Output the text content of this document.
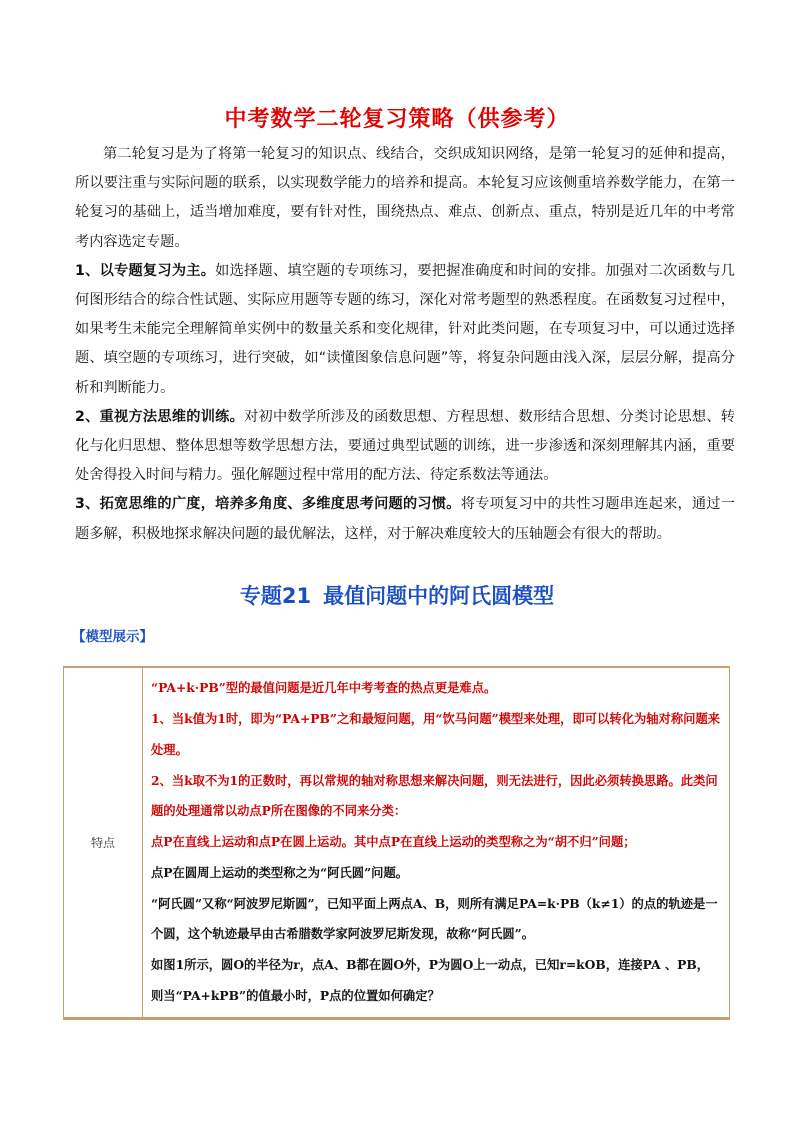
中考数学二轮复习策略（供参考）

第二轮复习是为了将第一轮复习的知识点、线结合，交织成知识网络，是第一轮复习的延伸和提高，所以要注重与实际问题的联系，以实现数学能力的培养和提高。本轮复习应该侧重培养数学能力，在第一轮复习的基础上，适当增加难度，要有针对性，围绕热点、难点、创新点、重点，特别是近几年的中考常考内容选定专题。

1、以专题复习为主。如选择题、填空题的专项练习，要把握准确度和时间的安排。加强对二次函数与几何图形结合的综合性试题、实际应用题等专题的练习，深化对常考题型的熟悉程度。在函数复习过程中，如果考生未能完全理解简单实例中的数量关系和变化规律，针对此类问题，在专项复习中，可以通过选择题、填空题的专项练习，进行突破，如“读懂图象信息问题”等，将复杂问题由浅入深，层层分解，提高分析和判断能力。

2、重视方法思维的训练。对初中数学所涉及的函数思想、方程思想、数形结合思想、分类讨论思想、转化与化归思想、整体思想等数学思想方法，要通过典型试题的训练，进一步渗透和深刻理解其内涵，重要处舍得投入时间与精力。强化解题过程中常用的配方法、待定系数法等通法。

3、拓宽思维的广度，培养多角度、多维度思考问题的习惯。将专项复习中的共性习题串连起来，通过一题多解，积极地探求解决问题的最优解法，这样，对于解决难度较大的压轴题会有很大的帮助。

专题21 最值问题中的阿氏圆模型
【模型展示】
特点	

“PA+k·PB”型的最值问题是近几年中考考查的热点更是难点。

1、当k值为1时，即为“PA+PB”之和最短问题，用“饮马问题”模型来处理，即可以转化为轴对称问题来处理。

2、当k取不为1的正数时，再以常规的轴对称思想来解决问题，则无法进行，因此必须转换思路。此类问题的处理通常以动点P所在图像的不同来分类：

点P在直线上运动和点P在圆上运动。其中点P在直线上运动的类型称之为“胡不归”问题；

点P在圆周上运动的类型称之为“阿氏圆”问题。

“阿氏圆”又称“阿波罗尼斯圆”，已知平面上两点A、B，则所有满足PA=k·PB（k≠1）的点的轨迹是一个圆，这个轨迹最早由古希腊数学家阿波罗尼斯发现，故称“阿氏圆”。

如图1所示，圆O的半径为r，点A、B都在圆O外，P为圆O上一动点，已知r=kOB，连接PA 、PB，则当“PA+kPB”的值最小时，P点的位置如何确定？
